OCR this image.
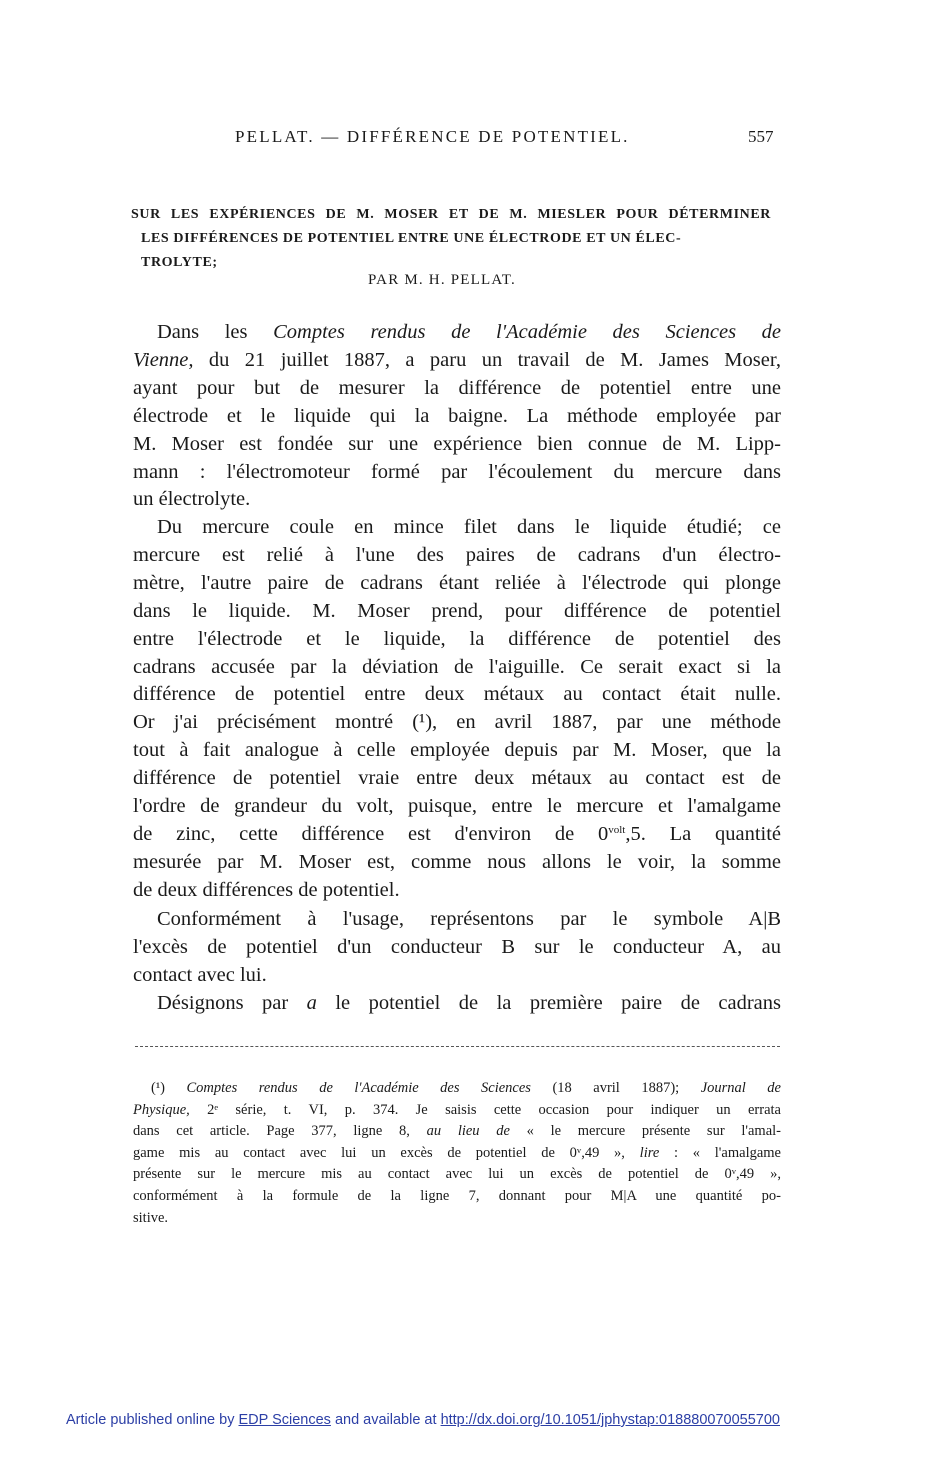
PELLAT. — DIFFÉRENCE DE POTENTIEL.	557
SUR LES EXPÉRIENCES DE M. MOSER ET DE M. MIESLER POUR DÉTERMINER
LES DIFFÉRENCES DE POTENTIEL ENTRE UNE ÉLECTRODE ET UN ÉLEC-
TROLYTE;
PAR M. H. PELLAT.
Dans les Comptes rendus de l'Académie des Sciences de
Vienne, du 21 juillet 1887, a paru un travail de M. James Moser,
ayant pour but de mesurer la différence de potentiel entre une
électrode et le liquide qui la baigne. La méthode employée par
M. Moser est fondée sur une expérience bien connue de M. Lipp-
mann : l'électromoteur formé par l'écoulement du mercure dans
un électrolyte.
Du mercure coule en mince filet dans le liquide étudié; ce
mercure est relié à l'une des paires de cadrans d'un électro-
mètre, l'autre paire de cadrans étant reliée à l'électrode qui plonge
dans le liquide. M. Moser prend, pour différence de potentiel
entre l'électrode et le liquide, la différence de potentiel des
cadrans accusée par la déviation de l'aiguille. Ce serait exact si la
différence de potentiel entre deux métaux au contact était nulle.
Or j'ai précisément montré (¹), en avril 1887, par une méthode
tout à fait analogue à celle employée depuis par M. Moser, que la
différence de potentiel vraie entre deux métaux au contact est de
l'ordre de grandeur du volt, puisque, entre le mercure et l'amalgame
de zinc, cette différence est d'environ de $0^{volt},5$. La quantité
mesurée par M. Moser est, comme nous allons le voir, la somme
de deux différences de potentiel.
Conformément à l'usage, représentons par le symbole A|B
l'excès de potentiel d'un conducteur B sur le conducteur A, au
contact avec lui.
Désignons par a le potentiel de la première paire de cadrans
(¹) Comptes rendus de l'Académie des Sciences (18 avril 1887); Journal de
Physique, 2ᵉ série, t. VI, p. 374. Je saisis cette occasion pour indiquer un errata
dans cet article. Page 377, ligne 8, au lieu de « le mercure présente sur l'amal-
game mis au contact avec lui un excès de potentiel de 0ᵛ,49 », lire : « l'amalgame
présente sur le mercure mis au contact avec lui un excès de potentiel de 0ᵛ,49 »,
conformément à la formule de la ligne 7, donnant pour M|A une quantité po-
sitive.
Article published online by EDP Sciences and available at http://dx.doi.org/10.1051/jphystap:018880070055700
